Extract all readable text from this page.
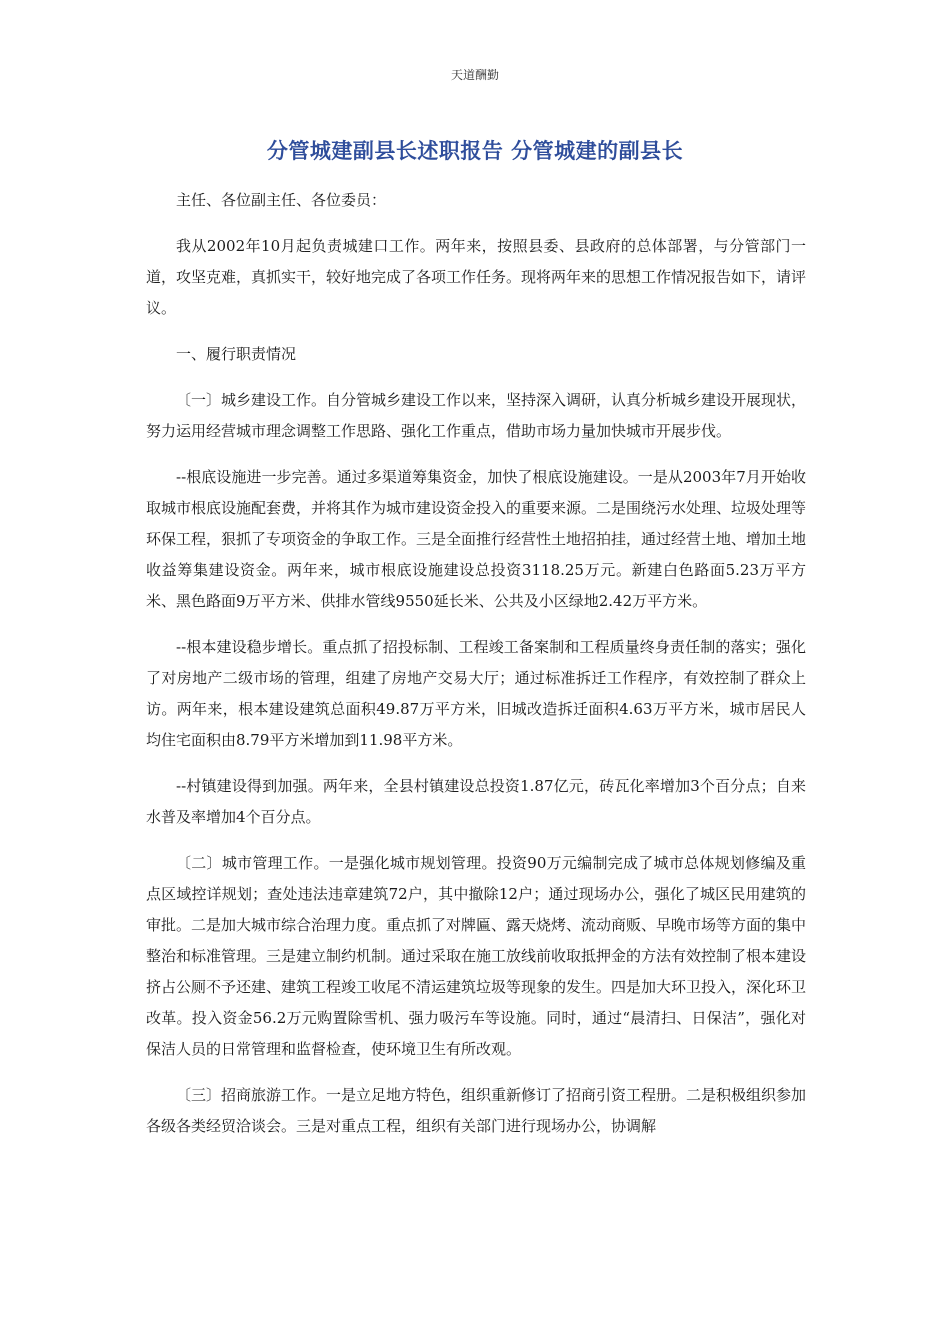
天道酬勤
分管城建副县长述职报告 分管城建的副县长

主任、各位副主任、各位委员：

我从2002年10月起负责城建口工作。两年来，按照县委、县政府的总体部署，与分管部门一道，攻坚克难，真抓实干，较好地完成了各项工作任务。现将两年来的思想工作情况报告如下，请评议。

一、履行职责情况

〔一〕城乡建设工作。自分管城乡建设工作以来，坚持深入调研，认真分析城乡建设开展现状，努力运用经营城市理念调整工作思路、强化工作重点，借助市场力量加快城市开展步伐。

--根底设施进一步完善。通过多渠道筹集资金，加快了根底设施建设。一是从2003年7月开始收取城市根底设施配套费，并将其作为城市建设资金投入的重要来源。二是围绕污水处理、垃圾处理等环保工程，狠抓了专项资金的争取工作。三是全面推行经营性土地招拍挂，通过经营土地、增加土地收益筹集建设资金。两年来，城市根底设施建设总投资3118.25万元。新建白色路面5.23万平方米、黑色路面9万平方米、供排水管线9550延长米、公共及小区绿地2.42万平方米。

--根本建设稳步增长。重点抓了招投标制、工程竣工备案制和工程质量终身责任制的落实；强化了对房地产二级市场的管理，组建了房地产交易大厅；通过标准拆迁工作程序，有效控制了群众上访。两年来，根本建设建筑总面积49.87万平方米，旧城改造拆迁面积4.63万平方米，城市居民人均住宅面积由8.79平方米增加到11.98平方米。

--村镇建设得到加强。两年来，全县村镇建设总投资1.87亿元，砖瓦化率增加3个百分点；自来水普及率增加4个百分点。

〔二〕城市管理工作。一是强化城市规划管理。投资90万元编制完成了城市总体规划修编及重点区域控详规划；查处违法违章建筑72户，其中撤除12户；通过现场办公，强化了城区民用建筑的审批。二是加大城市综合治理力度。重点抓了对牌匾、露天烧烤、流动商贩、早晚市场等方面的集中整治和标准管理。三是建立制约机制。通过采取在施工放线前收取抵押金的方法有效控制了根本建设挤占公厕不予还建、建筑工程竣工收尾不清运建筑垃圾等现象的发生。四是加大环卫投入，深化环卫改革。投入资金56.2万元购置除雪机、强力吸污车等设施。同时，通过“晨清扫、日保洁”，强化对保洁人员的日常管理和监督检查，使环境卫生有所改观。

〔三〕招商旅游工作。一是立足地方特色，组织重新修订了招商引资工程册。二是积极组织参加各级各类经贸洽谈会。三是对重点工程，组织有关部门进行现场办公，协调解
